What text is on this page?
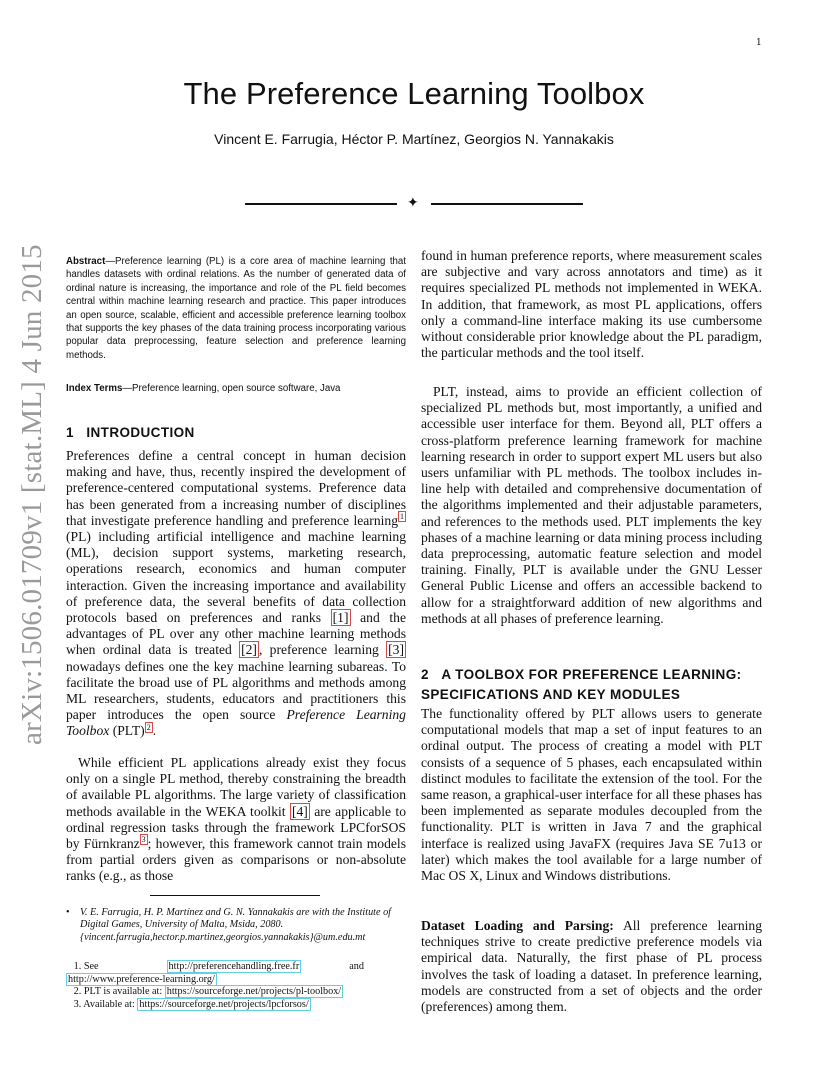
1
The Preference Learning Toolbox
Vincent E. Farrugia, Héctor P. Martínez, Georgios N. Yannakakis
✦
arXiv:1506.01709v1 [stat.ML] 4 Jun 2015 Abstract—Preference learning (PL) is a core area of machine learning that handles datasets with ordinal relations. As the number of generated data of ordinal nature is increasing, the importance and role of the PL field becomes central within machine learning research and practice. This paper introduces an open source, scalable, efficient and accessible preference learning toolbox that supports the key phases of the data training process incorporating various popular data preprocessing, feature selection and preference learning methods.

Index Terms—Preference learning, open source software, Java

1 INTRODUCTION

Preferences define a central concept in human decision making and have, thus, recently inspired the development of preference-centered computational systems. Preference data has been generated from a increasing number of disciplines that investigate preference handling and preference learning $^1$ (PL) including artificial intelligence and machine learning (ML), decision support systems, marketing research, operations research, economics and human computer interaction. Given the increasing importance and availability of preference data, the several benefits of data collection protocols based on preferences and ranks [1] and the advantages of PL over any other machine learning methods when ordinal data is treated [2] , preference learning [3] nowadays defines one the key machine learning subareas. To facilitate the broad use of PL algorithms and methods among ML researchers, students, educators and practitioners this paper introduces the open source Preference Learning Toolbox (PLT) $^2$ .

While efficient PL applications already exist they focus only on a single PL method, thereby constraining the breadth of available PL algorithms. The large variety of classification methods available in the WEKA toolkit [4] are applicable to ordinal regression tasks through the framework LPCforSOS by Fürnkranz $^3$ ; however, this framework cannot train models from partial orders given as comparisons or non-absolute ranks (e.g., as those

found in human preference reports, where measurement scales are subjective and vary across annotators and time) as it requires specialized PL methods not implemented in WEKA. In addition, that framework, as most PL applications, offers only a command-line interface making its use cumbersome without considerable prior knowledge about the PL paradigm, the particular methods and the tool itself.

PLT, instead, aims to provide an efficient collection of specialized PL methods but, most importantly, a unified and accessible user interface for them. Beyond all, PLT offers a cross-platform preference learning framework for machine learning research in order to support expert ML users but also users unfamiliar with PL methods. The toolbox includes in-line help with detailed and comprehensive documentation of the algorithms implemented and their adjustable parameters, and references to the methods used. PLT implements the key phases of a machine learning or data mining process including data preprocessing, automatic feature selection and model training. Finally, PLT is available under the GNU Lesser General Public License and offers an accessible backend to allow for a straightforward addition of new algorithms and methods at all phases of preference learning.

2 A TOOLBOX FOR PREFERENCE LEARNING:
SPECIFICATIONS AND KEY MODULES

The functionality offered by PLT allows users to generate computational models that map a set of input features to an ordinal output. The process of creating a model with PLT consists of a sequence of 5 phases, each encapsulated within distinct modules to facilitate the extension of the tool. For the same reason, a graphical-user interface for all these phases has been implemented as separate modules decoupled from the functionality. PLT is written in Java 7 and the graphical interface is realized using JavaFX (requires Java SE 7u13 or later) which makes the tool available for a large number of Mac OS X, Linux and Windows distributions.

Dataset Loading and Parsing: All preference learning techniques strive to create predictive preference models via empirical data. Naturally, the first phase of PL process involves the task of loading a dataset. In preference learning, models are constructed from a set of objects and the order (preferences) among them.

• V. E. Farrugia, H. P. Martínez and G. N. Yannakakis are with the Institute of Digital Games, University of Malta, Msida, 2080.
{vincent.farrugia,hector.p.martinez,georgios.yannakakis}@um.edu.mt
1. See	http://preferencehandling.free.fr	and
http://www.preference-learning.org/
2. PLT is available at: https://sourceforge.net/projects/pl-toolbox/
3. Available at: https://sourceforge.net/projects/lpcforsos/
